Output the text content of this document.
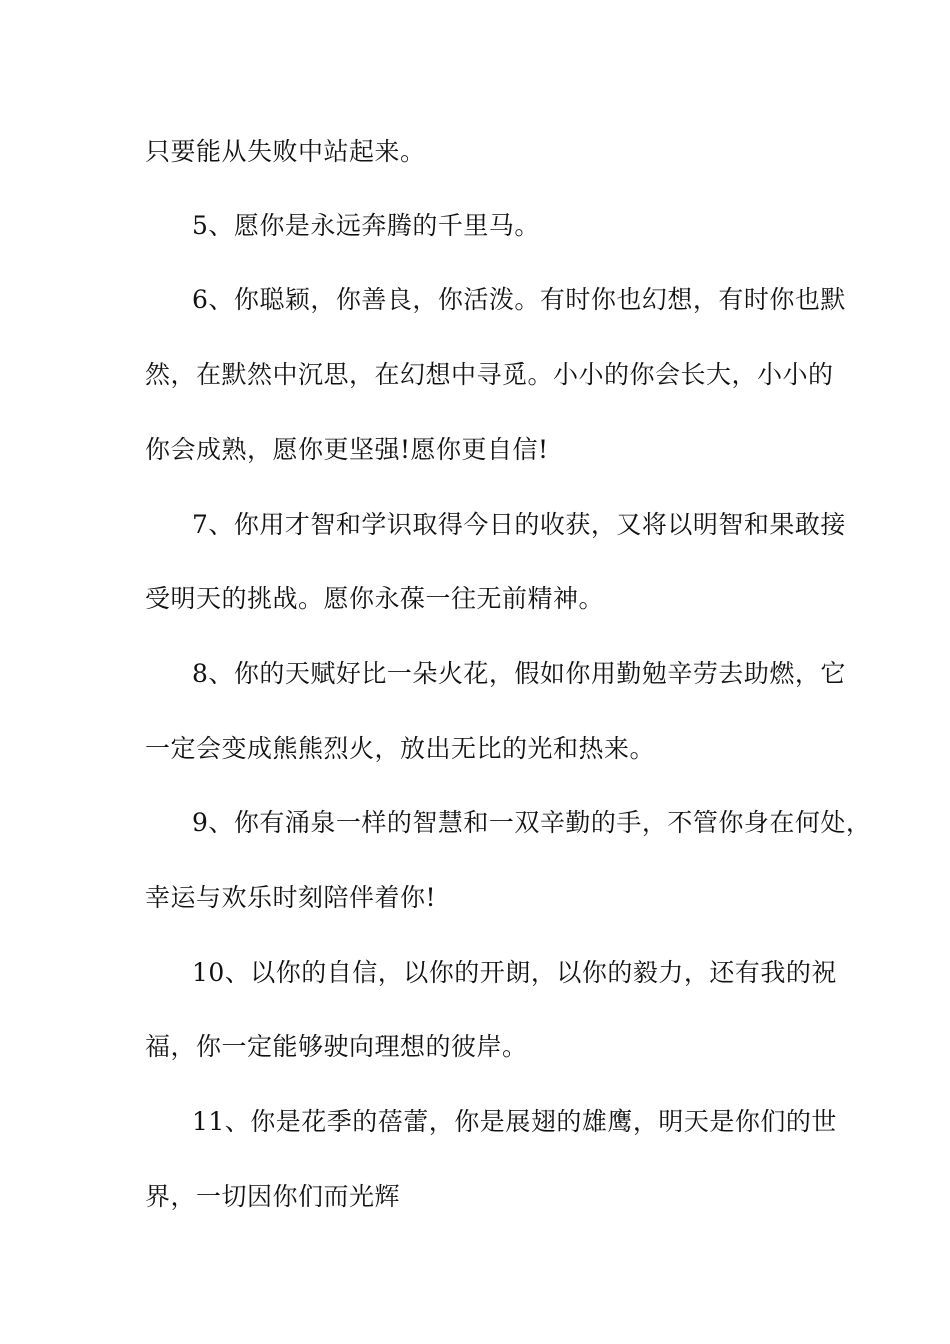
只要能从失败中站起来。
5、愿你是永远奔腾的千里马。
6、你聪颖，你善良，你活泼。有时你也幻想，有时你也默
然，在默然中沉思，在幻想中寻觅。小小的你会长大，小小的
你会成熟，愿你更坚强!愿你更自信!
7、你用才智和学识取得今日的收获，又将以明智和果敢接
受明天的挑战。愿你永葆一往无前精神。
8、你的天赋好比一朵火花，假如你用勤勉辛劳去助燃，它
一定会变成熊熊烈火，放出无比的光和热来。
9、你有涌泉一样的智慧和一双辛勤的手，不管你身在何处，
幸运与欢乐时刻陪伴着你!
10、以你的自信，以你的开朗，以你的毅力，还有我的祝
福，你一定能够驶向理想的彼岸。
11、你是花季的蓓蕾，你是展翅的雄鹰，明天是你们的世
界，一切因你们而光辉
